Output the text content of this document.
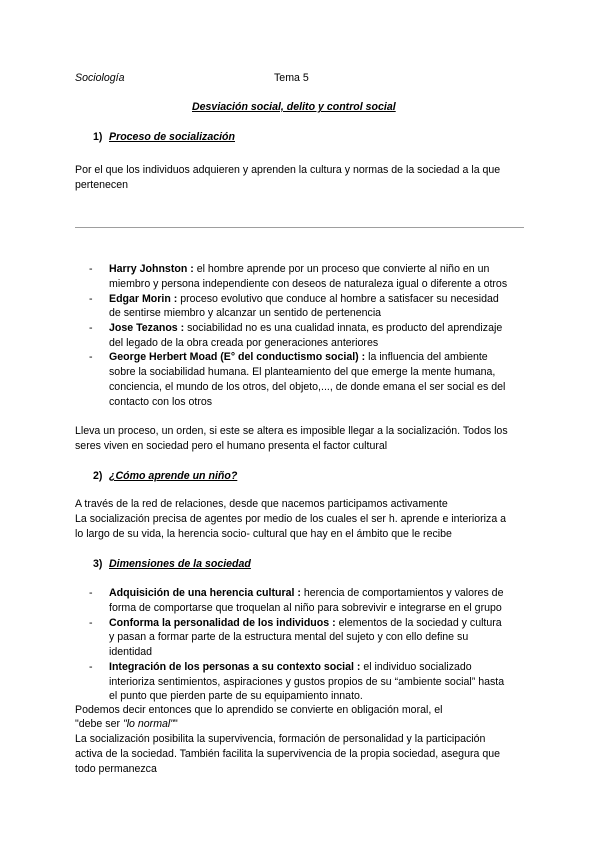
Sociología	Tema 5

Desviación social, delito y control social

1) Proceso de socialización

Por el que los individuos adquieren y aprenden la cultura y normas de la sociedad a la que

pertenecen

- Harry Johnston : el hombre aprende por un proceso que convierte al niño en un

miembro y persona independiente con deseos de naturaleza igual o diferente a otros

- Edgar Morin : proceso evolutivo que conduce al hombre a satisfacer su necesidad

de sentirse miembro y alcanzar un sentido de pertenencia

- Jose Tezanos : sociabilidad no es una cualidad innata, es producto del aprendizaje

del legado de la obra creada por generaciones anteriores

- George Herbert Moad (E° del conductismo social) : la influencia del ambiente

sobre la sociabilidad humana. El planteamiento del que emerge la mente humana,

conciencia, el mundo de los otros, del objeto,..., de donde emana el ser social es del

contacto con los otros

Lleva un proceso, un orden, si este se altera es imposible llegar a la socialización. Todos los

seres viven en sociedad pero el humano presenta el factor cultural

2) ¿Cómo aprende un niño?

A través de la red de relaciones, desde que nacemos participamos activamente

La socialización precisa de agentes por medio de los cuales el ser h. aprende e interioriza a

lo largo de su vida, la herencia socio- cultural que hay en el ámbito que le recibe

3) Dimensiones de la sociedad

- Adquisición de una herencia cultural : herencia de comportamientos y valores de

forma de comportarse que troquelan al niño para sobrevivir e integrarse en el grupo

- Conforma la personalidad de los individuos : elementos de la sociedad y cultura

y pasan a formar parte de la estructura mental del sujeto y con ello define su

identidad

- Integración de los personas a su contexto social : el individuo socializado

interioriza sentimientos, aspiraciones y gustos propios de su “ambiente social” hasta

el punto que pierden parte de su equipamiento innato.

Podemos decir entonces que lo aprendido se convierte en obligación moral, el

"debe ser "lo normal""

La socialización posibilita la supervivencia, formación de personalidad y la participación

activa de la sociedad. También facilita la supervivencia de la propia sociedad, asegura que

todo permanezca
